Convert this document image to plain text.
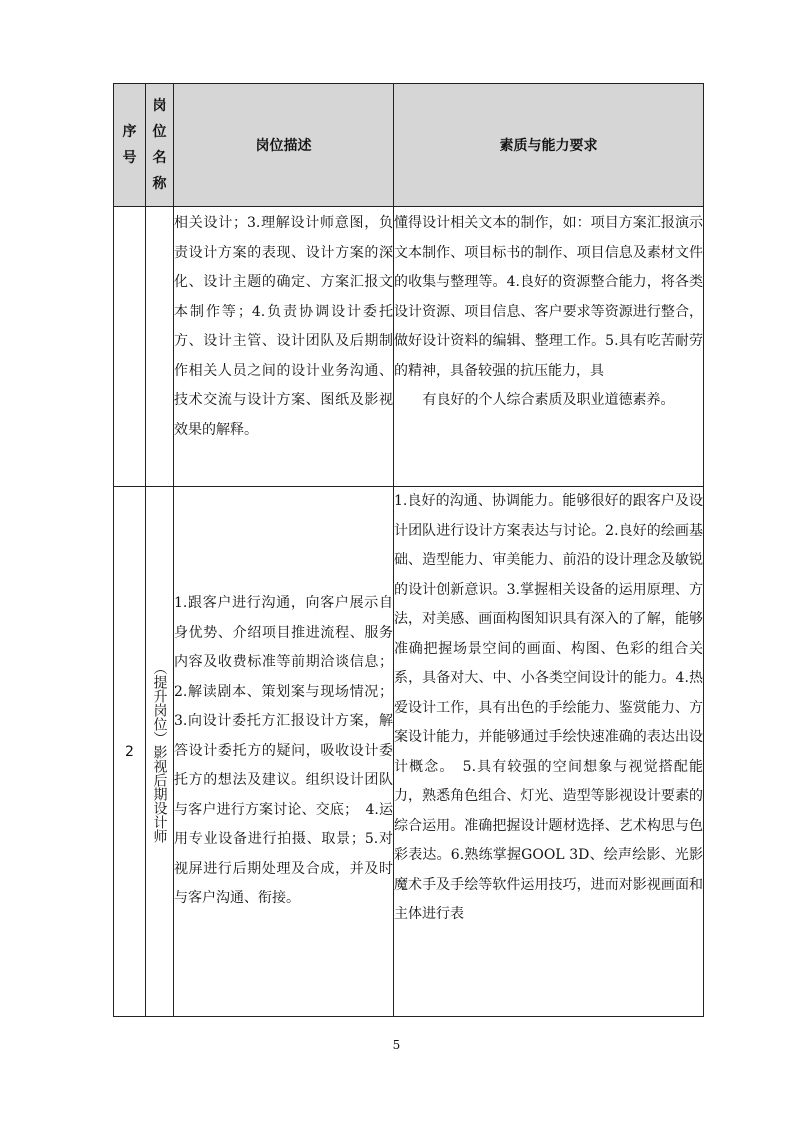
序号	岗位名称	岗位描述	素质与能力要求
		相关设计；3.理解设计师意图，负责设计方案的表现、设计方案的深化、设计主题的确定、方案汇报文本制作等；4.负责协调设计委托方、设计主管、设计团队及后期制作相关人员之间的设计业务沟通、技术交流与设计方案、图纸及影视效果的解释。	懂得设计相关文本的制作，如：项目方案汇报演示文本制作、项目标书的制作、项目信息及素材文件的收集与整理等。4.良好的资源整合能力，将各类设计资源、项目信息、客户要求等资源进行整合，做好设计资料的编辑、整理工作。5.具有吃苦耐劳的精神，具备较强的抗压能力，具
有良好的个人综合素质及职业道德素养。

2	（提升岗位）影视后期设计师	1.跟客户进行沟通，向客户展示自身优势、介绍项目推进流程、服务内容及收费标准等前期洽谈信息；2.解读剧本、策划案与现场情况；3.向设计委托方汇报设计方案，解答设计委托方的疑问，吸收设计委托方的想法及建议。组织设计团队与客户进行方案讨论、交底；　4.运用专业设备进行拍摄、取景；5.对视屏进行后期处理及合成，并及时与客户沟通、衔接。	1.良好的沟通、协调能力。能够很好的跟客户及设计团队进行设计方案表达与讨论。2.良好的绘画基础、造型能力、审美能力、前沿的设计理念及敏锐的设计创新意识。3.掌握相关设备的运用原理、方法，对美感、画面构图知识具有深入的了解，能够准确把握场景空间的画面、构图、色彩的组合关系，具备对大、中、小各类空间设计的能力。4.热爱设计工作，具有出色的手绘能力、鉴赏能力、方案设计能力，并能够通过手绘快速准确的表达出设计概念。　5.具有较强的空间想象与视觉搭配能力，熟悉角色组合、灯光、造型等影视设计要素的综合运用。准确把握设计题材选择、艺术构思与色彩表达。6.熟练掌握GOOL 3D、绘声绘影、光影魔术手及手绘等软件运用技巧，进而对影视画面和主体进行表
5
